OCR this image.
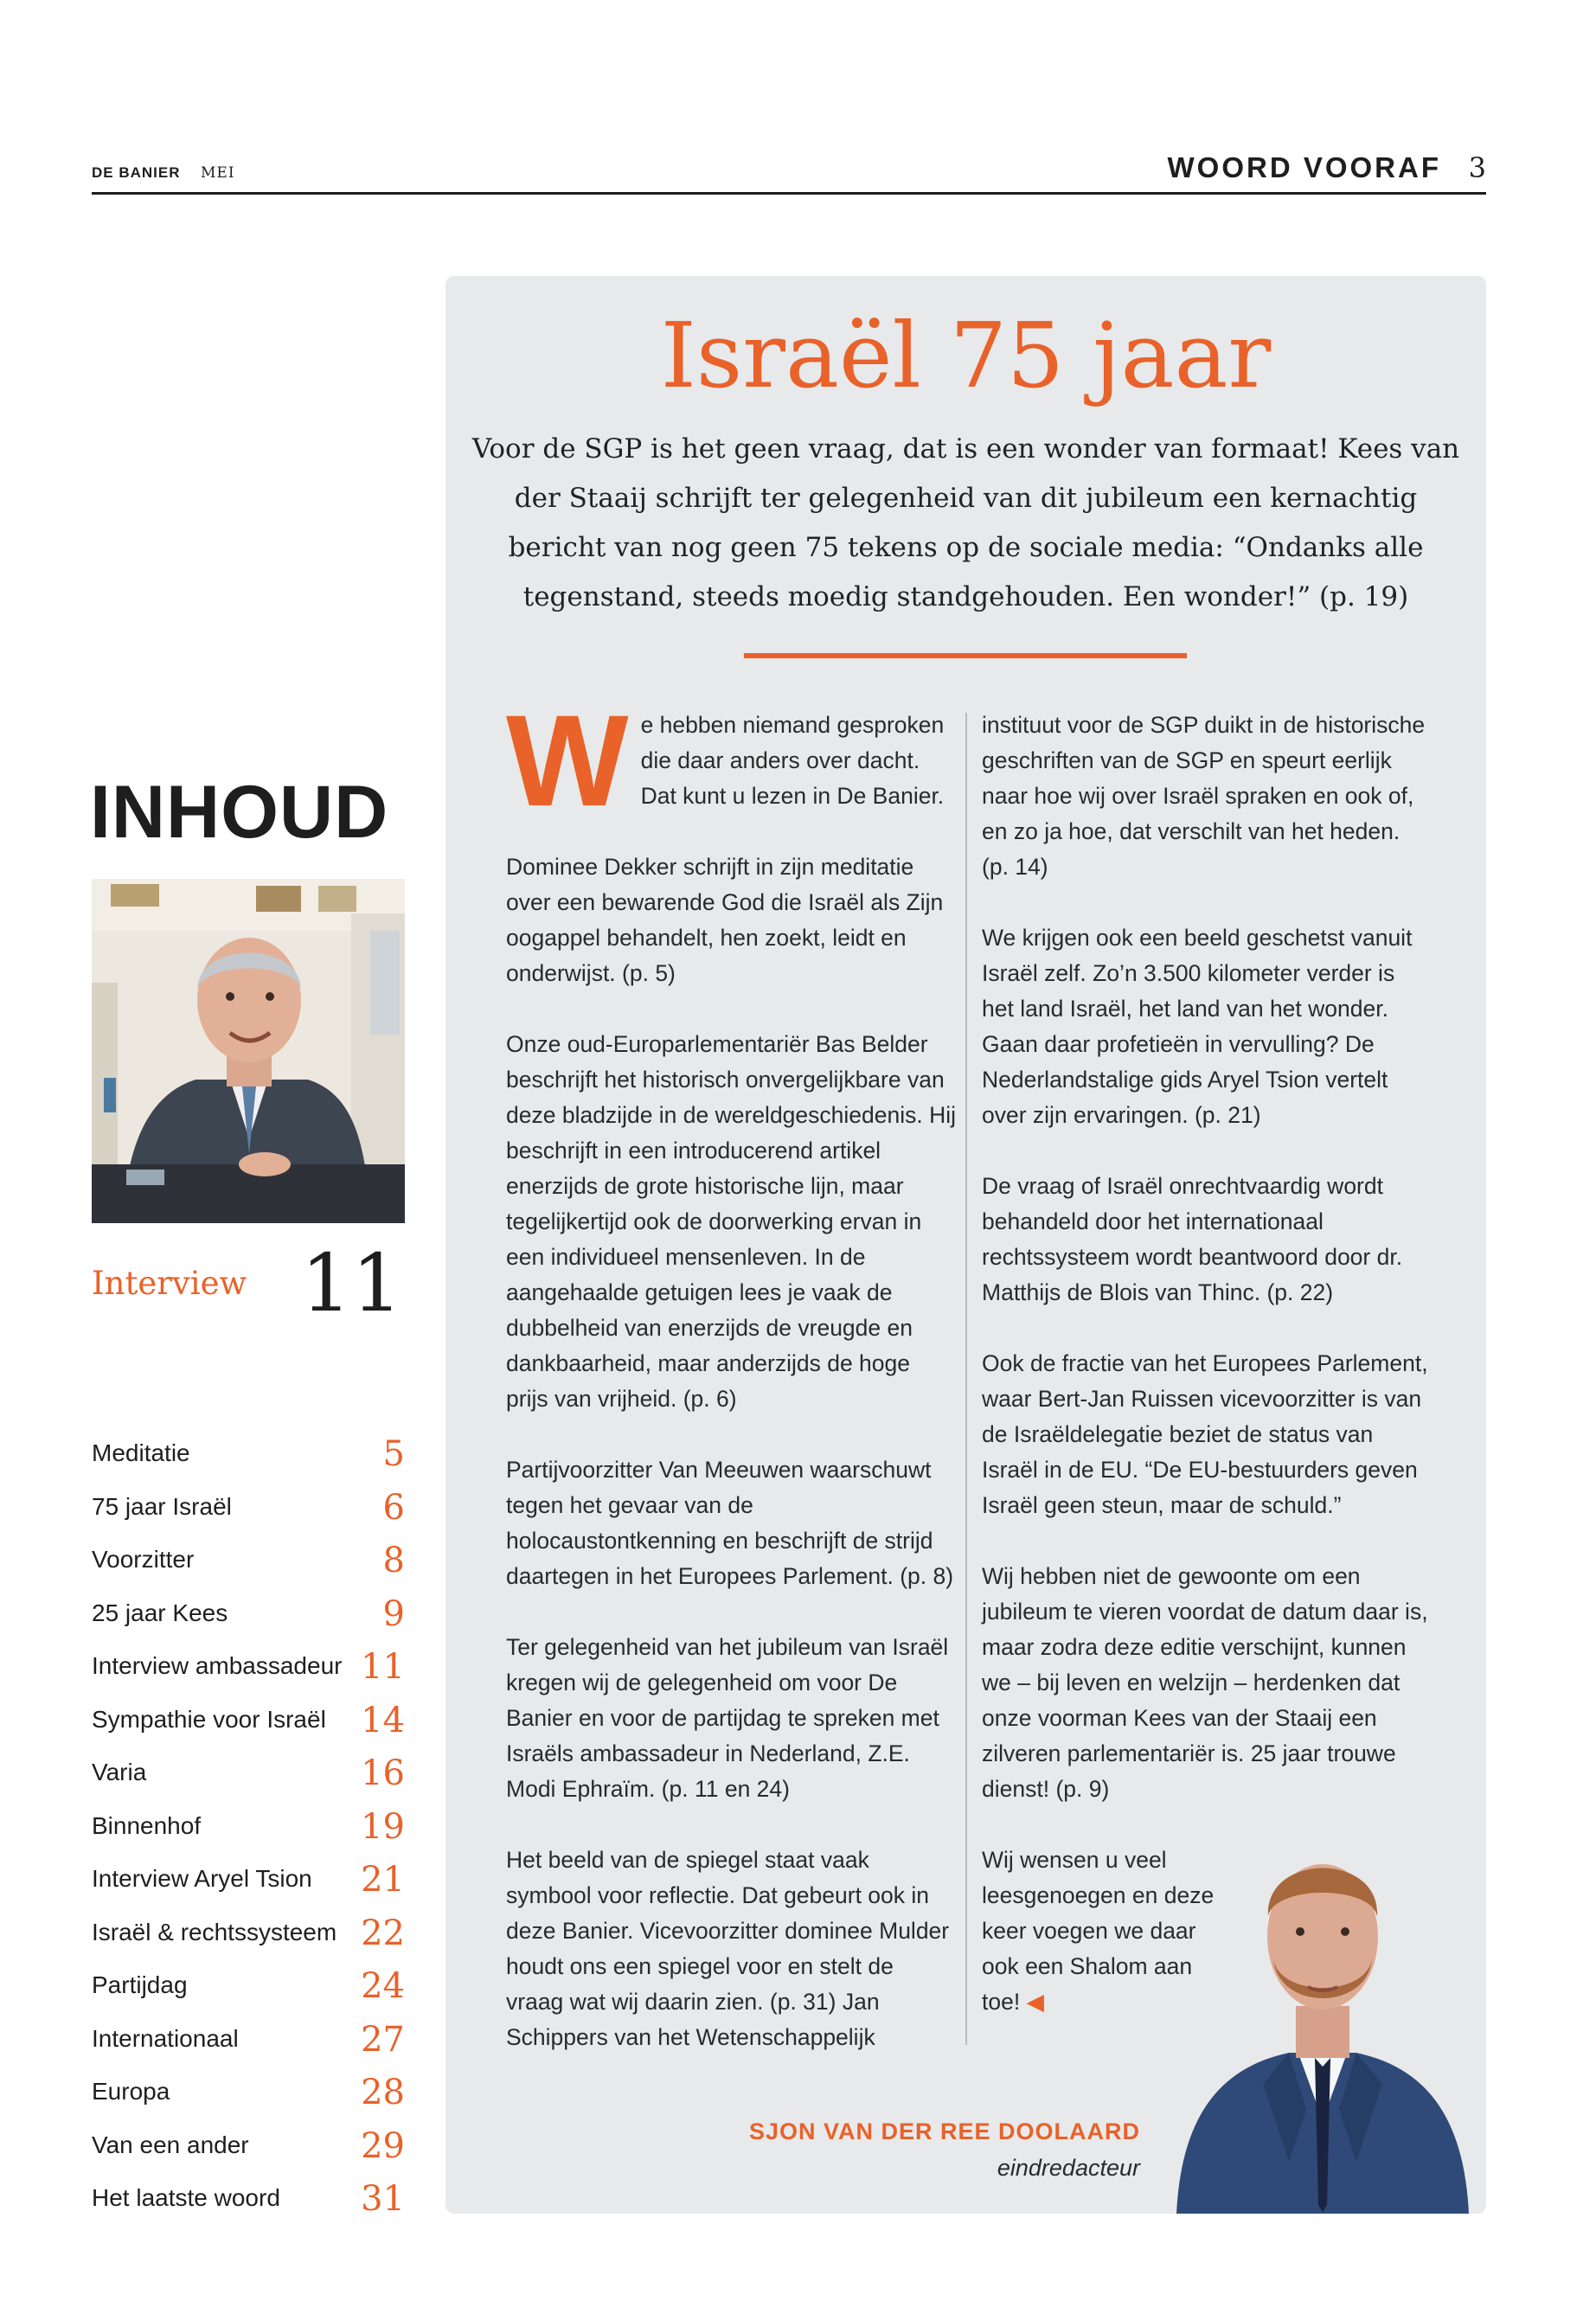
DE BANIER MEI	WOORD VOORAF 3
INHOUD
Interview 11
Meditatie	5
75 jaar Israël	6
Voorzitter	8
25 jaar Kees	9
Interview ambassadeur 11
Sympathie voor Israël 14
Varia	16
Binnenhof	19
Interview Aryel Tsion 21
Israël & rechtssysteem 22
Partijdag	24
Internationaal	27
Europa	28
Van een ander	29
Het laatste woord 31
Israël 75 jaar
Voor de SGP is het geen vraag, dat is een wonder van formaat! Kees van der Staaij schrijft ter gelegenheid van dit jubileum een kernachtig bericht van nog geen 75 tekens op de sociale media: “Ondanks alle tegenstand, steeds moedig standgehouden. Een wonder!” (p. 19)
We hebben niemand gesproken die daar anders over dacht. Dat kunt u lezen in De Banier.

Dominee Dekker schrijft in zijn meditatie over een bewarende God die Israël als Zijn oogappel behandelt, hen zoekt, leidt en onderwijst. (p. 5)

Onze oud-Europarlementariër Bas Belder beschrijft het historisch onvergelijkbare van deze bladzijde in de wereldgeschiedenis. Hij beschrijft in een introducerend artikel enerzijds de grote historische lijn, maar tegelijkertijd ook de doorwerking ervan in een individueel mensenleven. In de aangehaalde getuigen lees je vaak de dubbelheid van enerzijds de vreugde en dankbaarheid, maar anderzijds de hoge prijs van vrijheid. (p. 6)

Partijvoorzitter Van Meeuwen waarschuwt tegen het gevaar van de holocaustontkenning en beschrijft de strijd daartegen in het Europees Parlement. (p. 8)

Ter gelegenheid van het jubileum van Israël kregen wij de gelegenheid om voor De Banier en voor de partijdag te spreken met Israëls ambassadeur in Nederland, Z.E. Modi Ephraïm. (p. 11 en 24)

Het beeld van de spiegel staat vaak symbool voor reflectie. Dat gebeurt ook in deze Banier. Vicevoorzitter dominee Mulder houdt ons een spiegel voor en stelt de vraag wat wij daarin zien. (p. 31) Jan Schippers van het Wetenschappelijk

instituut voor de SGP duikt in de historische geschriften van de SGP en speurt eerlijk naar hoe wij over Israël spraken en ook of, en zo ja hoe, dat verschilt van het heden. (p. 14)

We krijgen ook een beeld geschetst vanuit Israël zelf. Zo’n 3.500 kilometer verder is het land Israël, het land van het wonder. Gaan daar profetieën in vervulling? De Nederlandstalige gids Aryel Tsion vertelt over zijn ervaringen. (p. 21)

De vraag of Israël onrechtvaardig wordt behandeld door het internationaal rechtssysteem wordt beantwoord door dr. Matthijs de Blois van Thinc. (p. 22)

Ook de fractie van het Europees Parlement, waar Bert-Jan Ruissen vicevoorzitter is van de Israëldelegatie beziet de status van Israël in de EU. “De EU-bestuurders geven Israël geen steun, maar de schuld.”

Wij hebben niet de gewoonte om een jubileum te vieren voordat de datum daar is, maar zodra deze editie verschijnt, kunnen we – bij leven en welzijn – herdenken dat onze voorman Kees van der Staaij een zilveren parlementariër is. 25 jaar trouwe dienst! (p. 9)

Wij wensen u veel
leesgenoegen en deze
keer voegen we daar
ook een Shalom aan
toe! ◀
SJON VAN DER REE DOOLAARD
eindredacteur
